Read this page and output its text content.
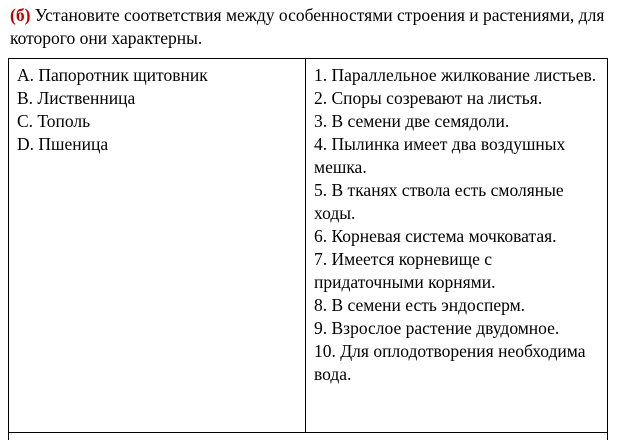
(б) Установите соответствия между особенностями строения и растениями, для которого они характерны.
A. Папоротник щитовник
B. Лиственница
C. Тополь
D. Пшеница
1. Параллельное жилкование листьев.
2. Споры созревают на листья.
3. В семени две семядоли.
4. Пылинка имеет два воздушных мешка.
5. В тканях ствола есть смоляные ходы.
6. Корневая система мочковатая.
7. Имеется корневище с придаточными корнями.
8. В семени есть эндосперм.
9. Взрослое растение двудомное.
10. Для оплодотворения необходима вода.
